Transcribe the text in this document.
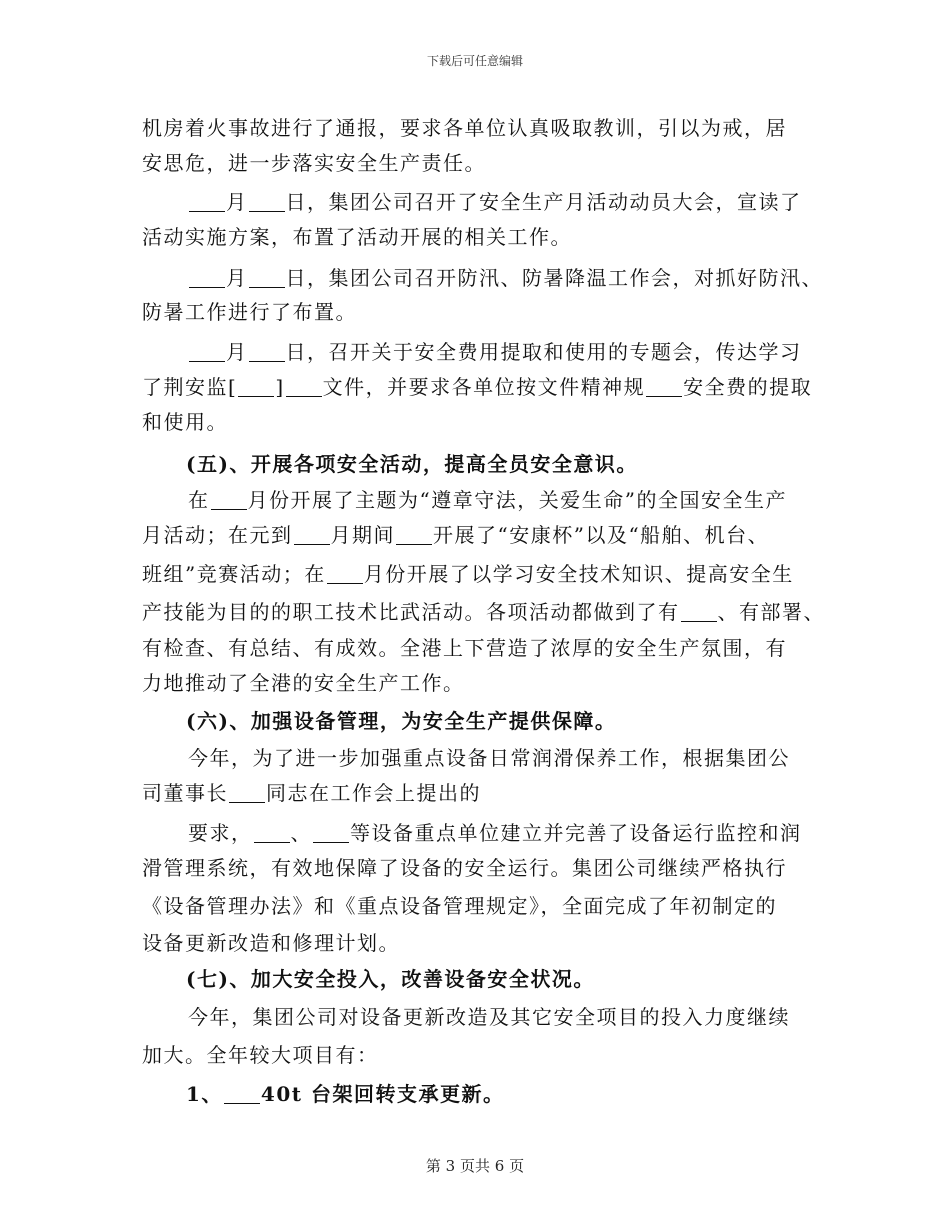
下载后可任意编辑
机房着火事故进行了通报，要求各单位认真吸取教训，引以为戒，居
安思危，进一步落实安全生产责任。
月 日，集团公司召开了安全生产月活动动员大会，宣读了
活动实施方案，布置了活动开展的相关工作。
月 日，集团公司召开防汛、防暑降温工作会，对抓好防汛、
防暑工作进行了布置。
月 日，召开关于安全费用提取和使用的专题会，传达学习
了荆安监[ ] 文件，并要求各单位按文件精神规 安全费的提取
和使用。
(五)、开展各项安全活动，提高全员安全意识。
在 月份开展了主题为“遵章守法，关爱生命”的全国安全生产
月活动；在元到 月期间 开展了“安康杯”以及“船舶、机台、
班组”竞赛活动；在 月份开展了以学习安全技术知识、提高安全生
产技能为目的的职工技术比武活动。各项活动都做到了有 、有部署、
有检查、有总结、有成效。全港上下营造了浓厚的安全生产氛围，有
力地推动了全港的安全生产工作。
(六)、加强设备管理，为安全生产提供保障。
今年，为了进一步加强重点设备日常润滑保养工作，根据集团公
司董事长 同志在工作会上提出的
要求， 、 等设备重点单位建立并完善了设备运行监控和润
滑管理系统，有效地保障了设备的安全运行。集团公司继续严格执行
《设备管理办法》和《重点设备管理规定》，全面完成了年初制定的
设备更新改造和修理计划。
(七)、加大安全投入，改善设备安全状况。
今年，集团公司对设备更新改造及其它安全项目的投入力度继续
加大。全年较大项目有：
1、 40t 台架回转支承更新。
第 3 页共 6 页
